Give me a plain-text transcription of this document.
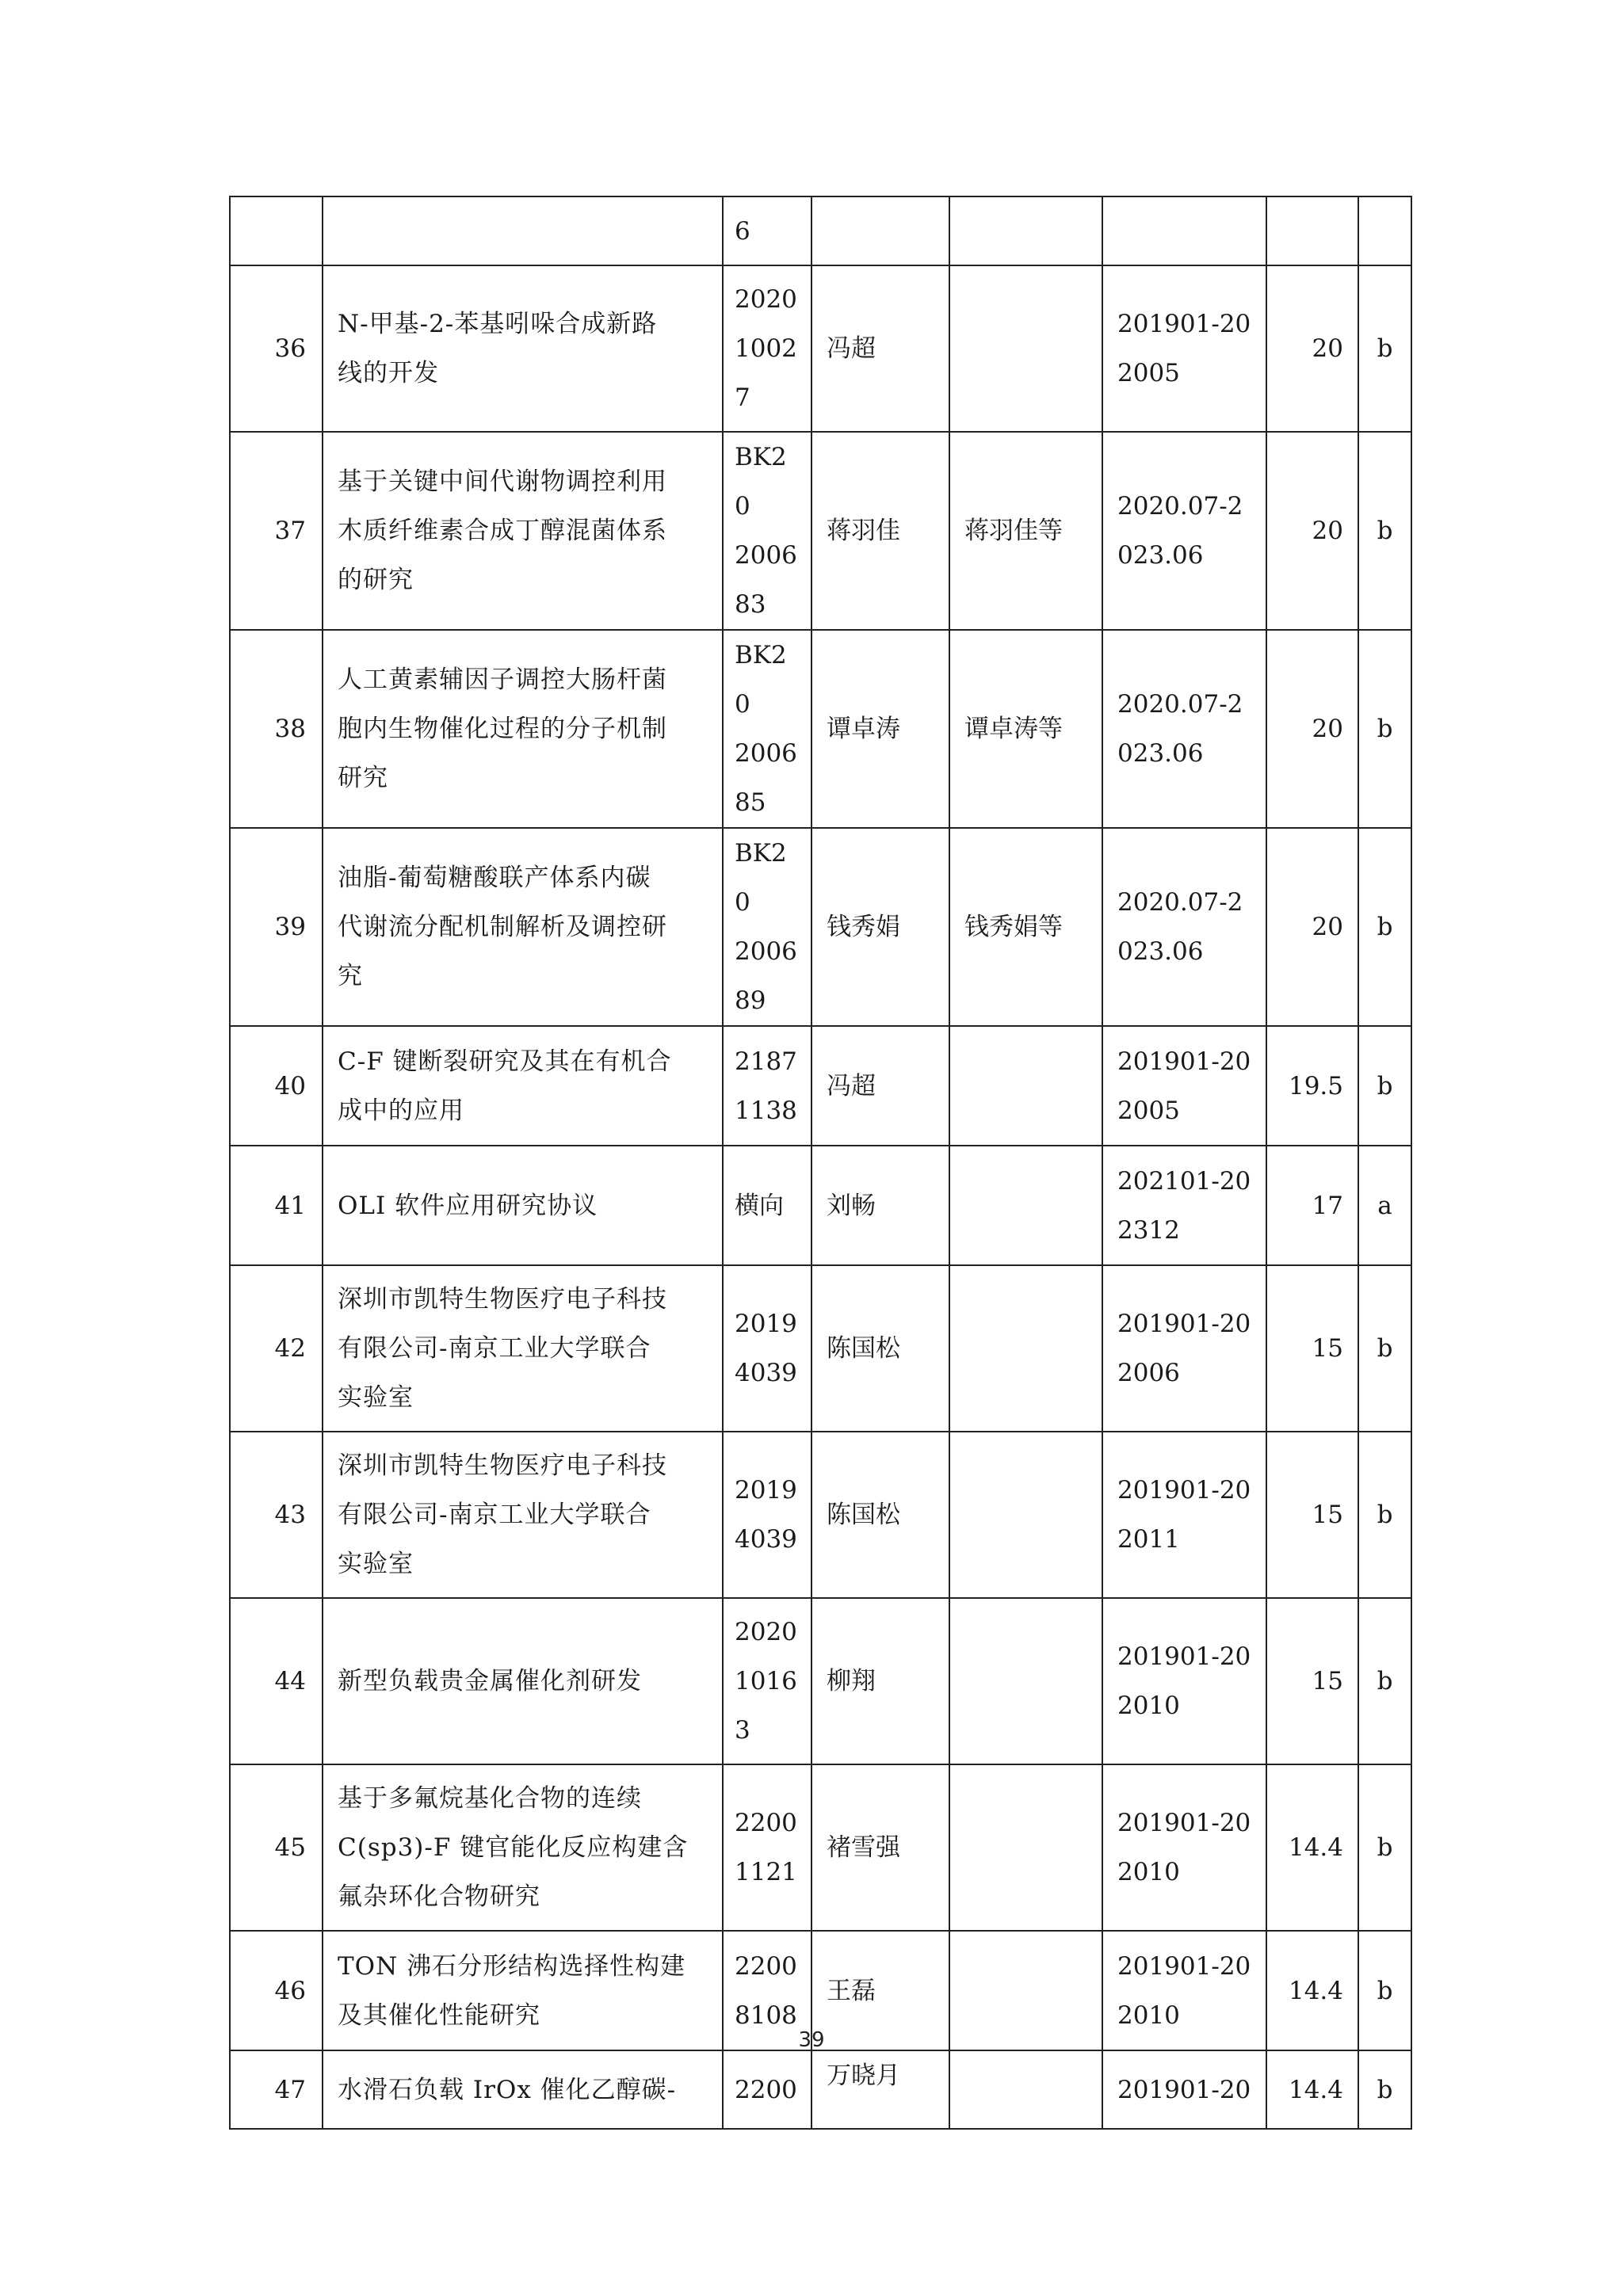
		6					
36	N-甲基-2-苯基吲哚合成新路
线的开发	2020
1002
7	冯超		201901-20
2005	20	b
37	基于关键中间代谢物调控利用
木质纤维素合成丁醇混菌体系
的研究	BK20
2006
83	蒋羽佳	蒋羽佳等	2020.07-2
023.06	20	b
38	人工黄素辅因子调控大肠杆菌
胞内生物催化过程的分子机制
研究	BK20
2006
85	谭卓涛	谭卓涛等	2020.07-2
023.06	20	b
39	油脂-葡萄糖酸联产体系内碳
代谢流分配机制解析及调控研
究	BK20
2006
89	钱秀娟	钱秀娟等	2020.07-2
023.06	20	b
40	C-F 键断裂研究及其在有机合
成中的应用	2187
1138	冯超		201901-20
2005	19.5	b
41	OLI 软件应用研究协议	横向	刘畅		202101-20
2312	17	a
42	深圳市凯特生物医疗电子科技
有限公司-南京工业大学联合
实验室	2019
4039	陈国松		201901-20
2006	15	b
43	深圳市凯特生物医疗电子科技
有限公司-南京工业大学联合
实验室	2019
4039	陈国松		201901-20
2011	15	b
44	新型负载贵金属催化剂研发	2020
1016
3	柳翔		201901-20
2010	15	b
45	基于多氟烷基化合物的连续
C(sp3)-F 键官能化反应构建含
氟杂环化合物研究	2200
1121	褚雪强		201901-20
2010	14.4	b
46	TON 沸石分形结构选择性构建
及其催化性能研究	2200
8108	王磊		201901-20
2010	14.4	b
47	水滑石负载 IrOx 催化乙醇碳-	2200	万晓月		201901-20	14.4	b
39
